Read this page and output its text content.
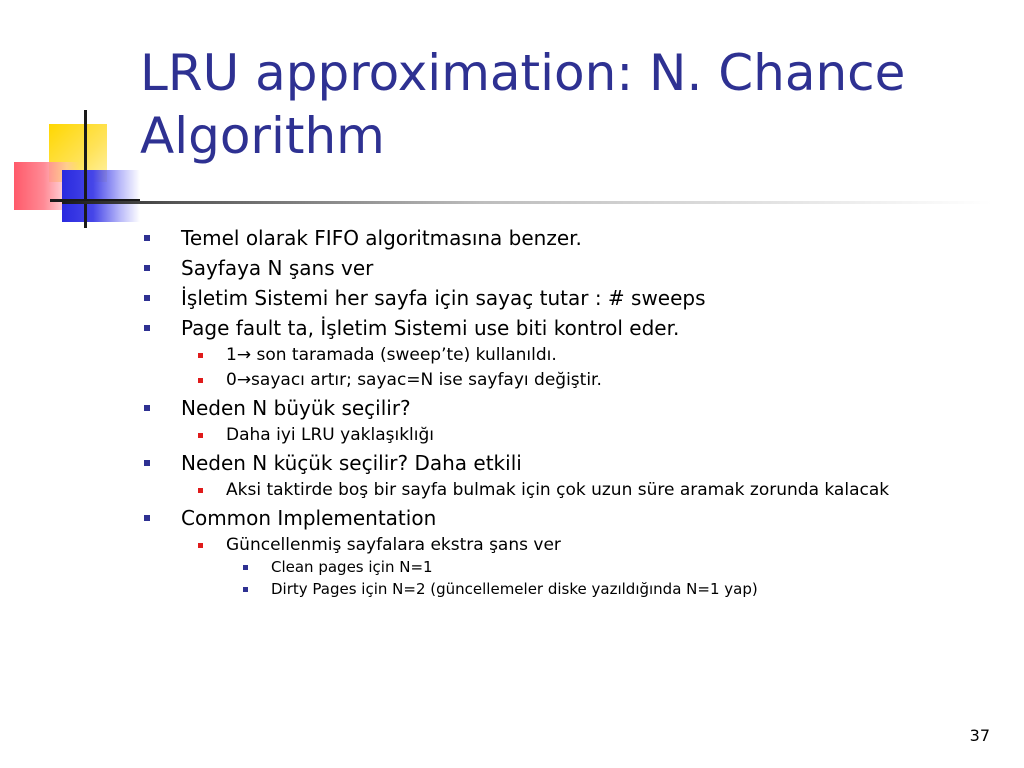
LRU approximation: N. Chance
Algorithm

Temel olarak FIFO algoritmasına benzer.

Sayfaya N şans ver

İşletim Sistemi her sayfa için sayaç tutar : # sweeps

Page fault ta, İşletim Sistemi use biti kontrol eder.

1→ son taramada (sweep’te) kullanıldı.

0→sayacı artır; sayac=N ise sayfayı değiştir.

Neden N büyük seçilir?

Daha iyi LRU yaklaşıklığı

Neden N küçük seçilir? Daha etkili

Aksi taktirde boş bir sayfa bulmak için çok uzun süre aramak zorunda kalacak

Common Implementation

Güncellenmiş sayfalara ekstra şans ver

Clean pages için N=1

Dirty Pages için N=2 (güncellemeler diske yazıldığında N=1 yap)

37
